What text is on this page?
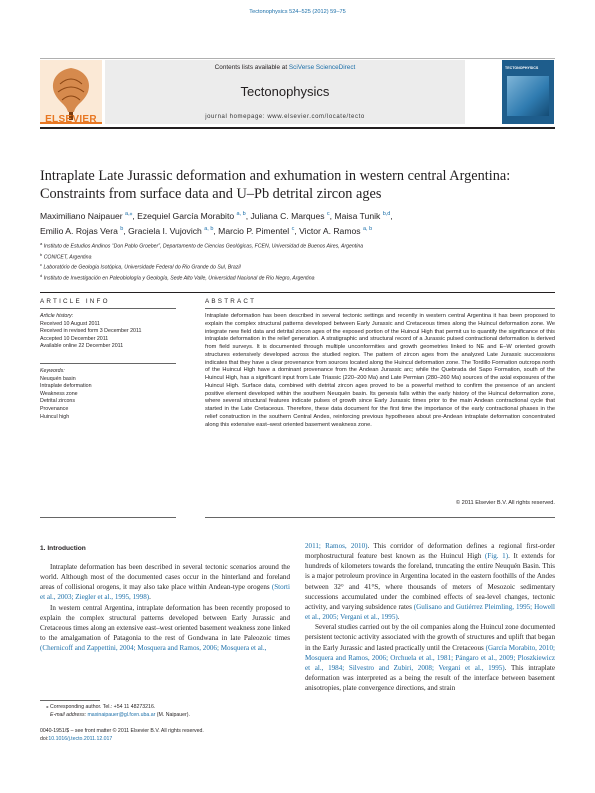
Tectonophysics 524–525 (2012) 59–75
Contents lists available at SciVerse ScienceDirect
Tectonophysics
journal homepage: www.elsevier.com/locate/tecto
ELSEVIER
TECTONOPHYSICS
Intraplate Late Jurassic deformation and exhumation in western central Argentina:
Constraints from surface data and U–Pb detrital zircon ages
Maximiliano Naipauer $^{a,⁎}$, Ezequiel García Morabito $^{a, b}$, Juliana C. Marques $^c$, Maisa Tunik $^{b,d}$,
Emilio A. Rojas Vera $^b$, Graciela I. Vujovich $^{a, b}$, Marcio P. Pimentel $^c$, Victor A. Ramos $^{a, b}$
$^a$ Instituto de Estudios Andinos “Don Pablo Groeber”, Departamento de Ciencias Geológicas, FCEN, Universidad de Buenos Aires, Argentina
$^b$ CONICET, Argentina
$^c$ Laboratório de Geologia Isotópica, Universidade Federal do Rio Grande do Sul, Brazil
$^d$ Instituto de Investigación en Paleobiología y Geología, Sede Alto Valle, Universidad Nacional de Río Negro, Argentina
ARTICLE INFO
Article history:
Received 10 August 2011
Received in revised form 3 December 2011
Accepted 10 December 2011
Available online 22 December 2011
Keywords:
Neuquén basin
Intraplate deformation
Weakness zone
Detrital zircons
Provenance
Huincul high
ABSTRACT
Intraplate deformation has been described in several tectonic settings and recently in western central Argentina it has been proposed to explain the complex structural patterns developed between Early Jurassic and Cretaceous times along the Huincul deformation zone. We integrate new field data and detrital zircon ages of the exposed portion of the Huincul High that permit us to quantify the significance of this intraplate deformation in the relief generation. A stratigraphic and structural record of a Jurassic pulsed contractional deformation is derived from field surveys. It is documented through multiple unconformities and growth geometries linked to NE and E–W oriented growth structures extensively developed across the studied region. The pattern of zircon ages from the analyzed Late Jurassic successions indicates that they have a clear provenance from sources located along the Huincul deformation zone. The Tordillo Formation outcrops north of the Huincul High have a dominant provenance from the Andean Jurassic arc; while the Quebrada del Sapo Formation, south of the Huincul High, has a significant input from Late Triassic (220–200 Ma) and Late Permian (280–260 Ma) sources of the axial exposures of the Huincul High. Surface data, combined with detrital zircon ages proved to be a powerful method to confirm the presence of an ancient positive element developed within the southern Neuquén basin. Its genesis falls within the early history of the Huincul deformation zone, where several structural features indicate pulses of growth since Early Jurassic times prior to the main Andean contractional cycle that started in the Late Cretaceous. Therefore, these data document for the first time the importance of the early contractional phases in the relief construction in the southern Central Andes, reinforcing previous hypotheses about pre-Andean intraplate deformation concentrated along this extensive east–west oriented basement weakness zone.
© 2011 Elsevier B.V. All rights reserved.
1. Introduction

Intraplate deformation has been described in several tectonic scenarios around the world. Although most of the documented cases occur in the hinterland and foreland areas of collisional orogens, it may also take place within Andean-type orogens (Storti et al., 2003; Ziegler et al., 1995, 1998).

In western central Argentina, intraplate deformation has been recently proposed to explain the complex structural patterns developed between Early Jurassic and Cretaceous times along an extensive east–west oriented basement weakness zone linked to the amalgamation of Patagonia to the rest of Gondwana in late Paleozoic times (Chernicoff and Zappettini, 2004; Mosquera and Ramos, 2006; Mosquera et al.,

2011; Ramos, 2010). This corridor of deformation defines a regional first-order morphostructural feature best known as the Huincul High (Fig. 1). It extends for hundreds of kilometers towards the foreland, truncating the entire Neuquén Basin. This is a major petroleum province in Argentina located in the eastern foothills of the Andes between 32° and 41°S, where thousands of meters of Mesozoic sedimentary successions accumulated under the combined effects of sea-level changes, tectonic activity, and varying subsidence rates (Gulisano and Gutiérrez Pleimling, 1995; Howell et al., 2005; Vergani et al., 1995).

Several studies carried out by the oil companies along the Huincul zone documented persistent tectonic activity associated with the growth of structures and uplift that began in the Early Jurassic and lasted practically until the Cretaceous (García Morabito, 2010; Mosquera and Ramos, 2006; Orchuela et al., 1981; Pángaro et al., 2009; Ploszkiewicz et al., 1984; Silvestro and Zubiri, 2008; Vergani et al., 1995). This intraplate deformation was interpreted as a being the result of the interface between basement anisotropies, plate convergence directions, and strain

⁎ Corresponding author. Tel.: +54 11 48273216.
E-mail address: maxinaipauer@gl.fcen.uba.ar (M. Naipauer).
0040-1951/$ – see front matter © 2011 Elsevier B.V. All rights reserved.
doi:10.1016/j.tecto.2011.12.017
